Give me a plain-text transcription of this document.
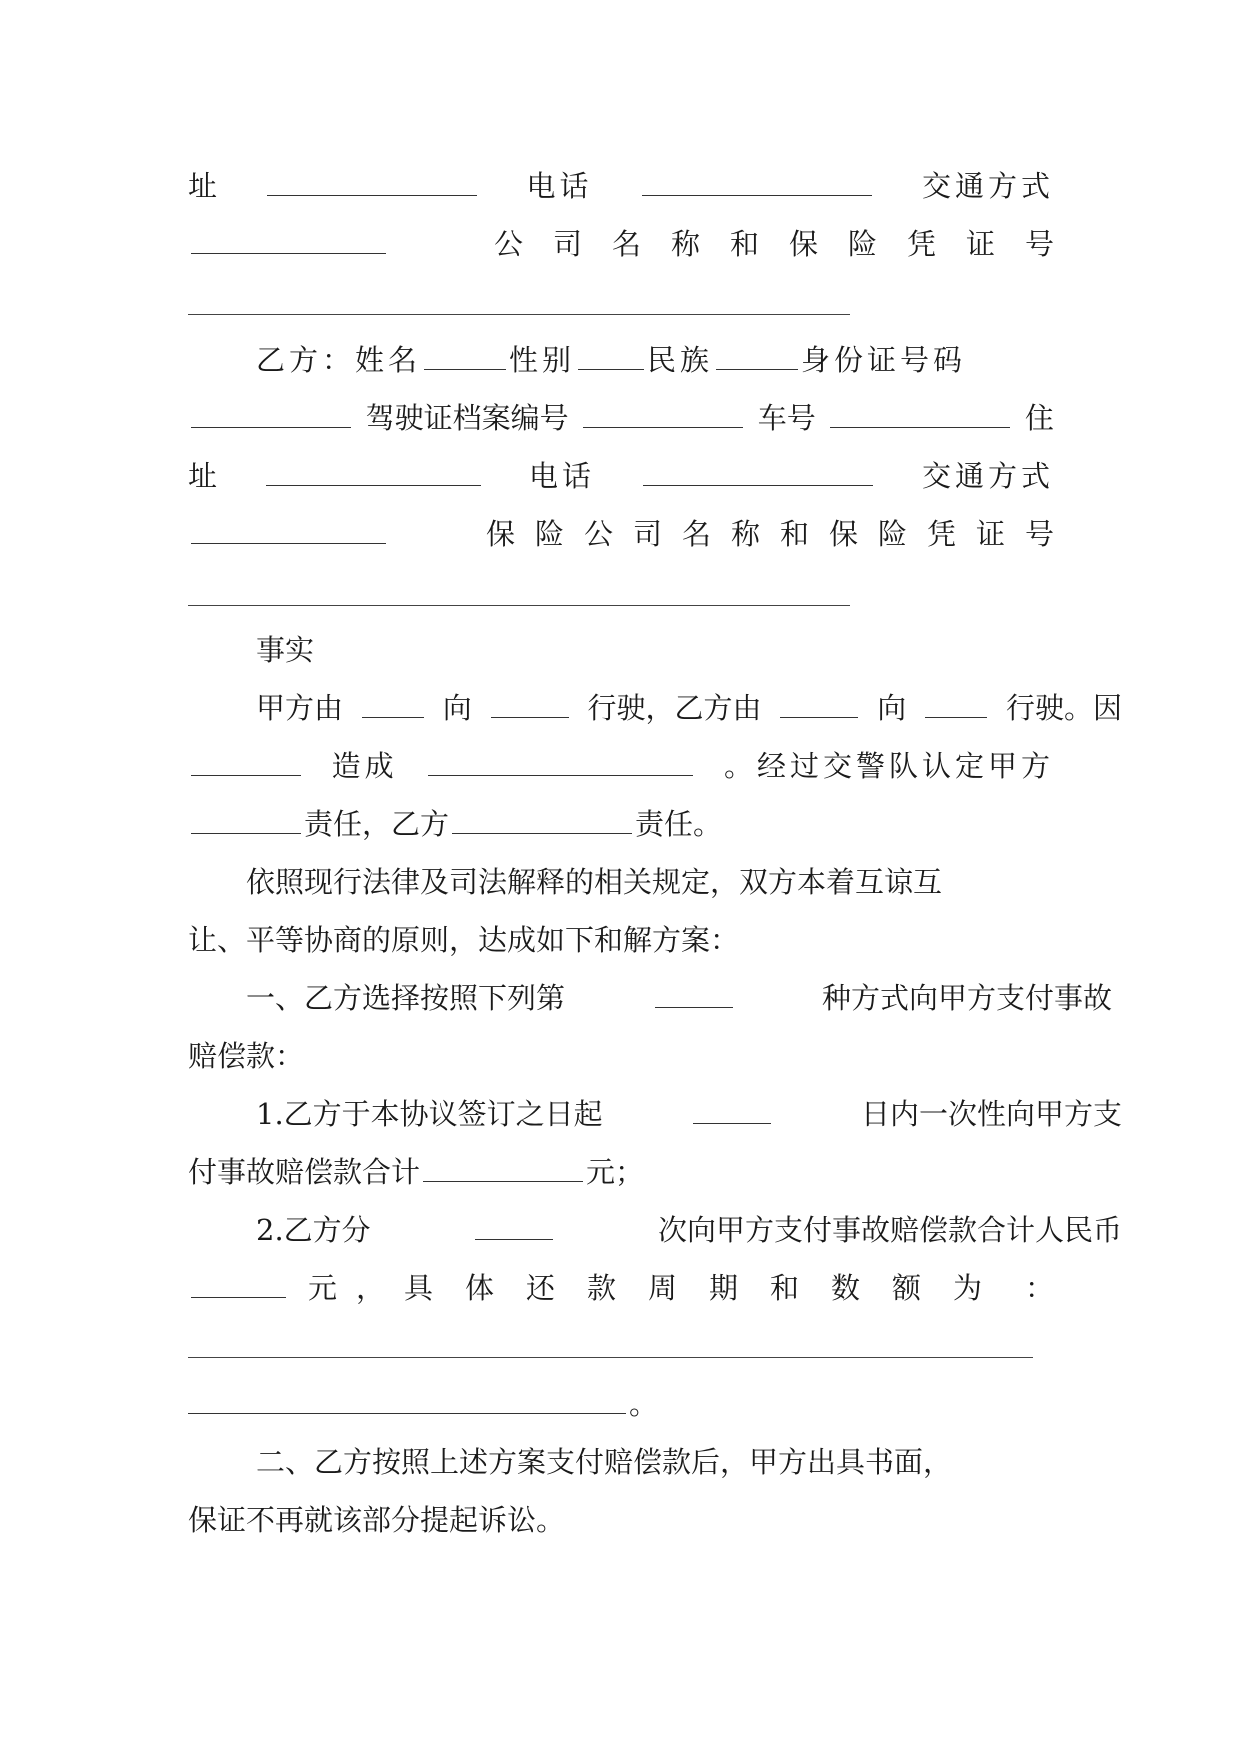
址	电话	交通方式
公司名称和保险凭证号
乙方：姓名	性别 民族	身份证号码
驾驶证档案编号	车号	住
址	电话	交通方式
保险公司名称和保险凭证号
事实
甲方由	向	行驶，乙方由	向	行驶。因
造成	。经过交警队认定甲方
责任，乙方	责任。
依照现行法律及司法解释的相关规定，双方本着互谅互
让、平等协商的原则，达成如下和解方案：
一、乙方选择按照下列第	种方式向甲方支付事故
赔偿款：
1.乙方于本协议签订之日起	日内一次性向甲方支
付事故赔偿款合计	元；
2.乙方分	次向甲方支付事故赔偿款合计人民币
元 ， 具体还款周期和数额为 ：
。
二、乙方按照上述方案支付赔偿款后，甲方出具书面，
保证不再就该部分提起诉讼。
